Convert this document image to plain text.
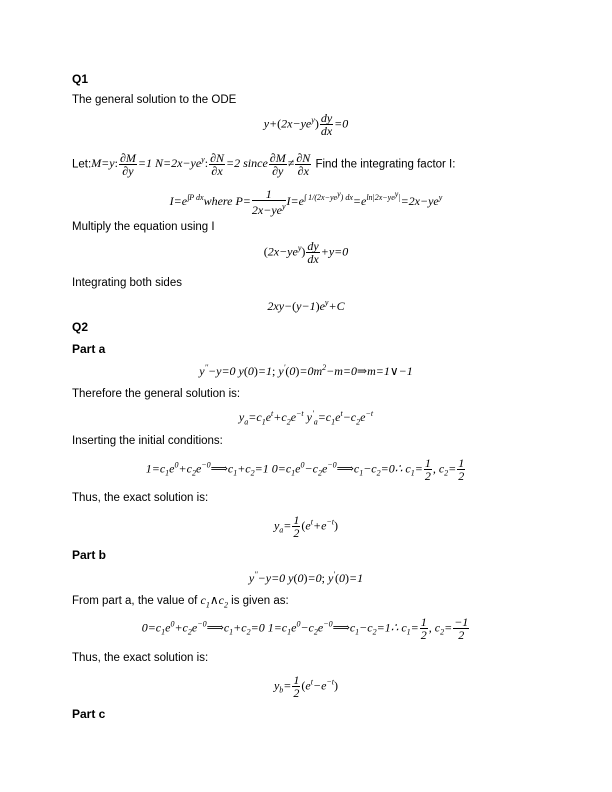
Q1
The general solution to the ODE
$y+(2x-ye^y) \frac{dy}{dx} =0$
Let:M=y: $\frac{\partial M}{\partial y} =1$ $N=2x-ye^y$: $\frac{\partial N}{\partial x} =2$ since $\frac{\partial M}{\partial y} \ne \frac{\partial N}{\partial x}$ Find the integrating factor I:
$I=e^{\int P dx}where$ $P= \frac{1}{2x-ye^y} I=e^{\int 1/(2x-ye^y) dx}=e^{ln|2x-ye^y|}=2x-ye^y$
Multiply the equation using I
$(2x-ye^y) \frac{dy}{dx} +y=0$
Integrating both sides
$2xy-(y-1)e^y+C$
Q2
Part a
y''−y=0 y(0)=1; $y'(0)=0m^2-m=0\Rightarrow m=1\vee-1$
Therefore the general solution is:
$y_a=c_1e^t+c_2e^{-t}$ $y'_a=c_1e^t-c_2e^{-t}$
Inserting the initial conditions:
$1=c_1e^0+c_2e^{-0}⟹c_1+c_2=1$ $0=c_1e^0-c_2e^{-0}⟹c_1-c_2=0\therefore$ $c_1= \frac{1}{2}$ , $c_2= \frac{1}{2}$
Thus, the exact solution is:
$y_a= \frac{1}{2} (e^t+e^{-t})$
Part b
y''−y=0 y(0)=0; y'(0)=1
From part a, the value of $c_1\wedge c_2$ is given as:
$0=c_1e^0+c_2e^{-0}⟹c_1+c_2=0$ $1=c_1e^0-c_2e^{-0}⟹c_1-c_2=1\therefore$ $c_1= \frac{1}{2}$ , $c_2= \frac{-1}{2}$
Thus, the exact solution is:
$y_b= \frac{1}{2} (e^t-e^{-t})$
Part c
